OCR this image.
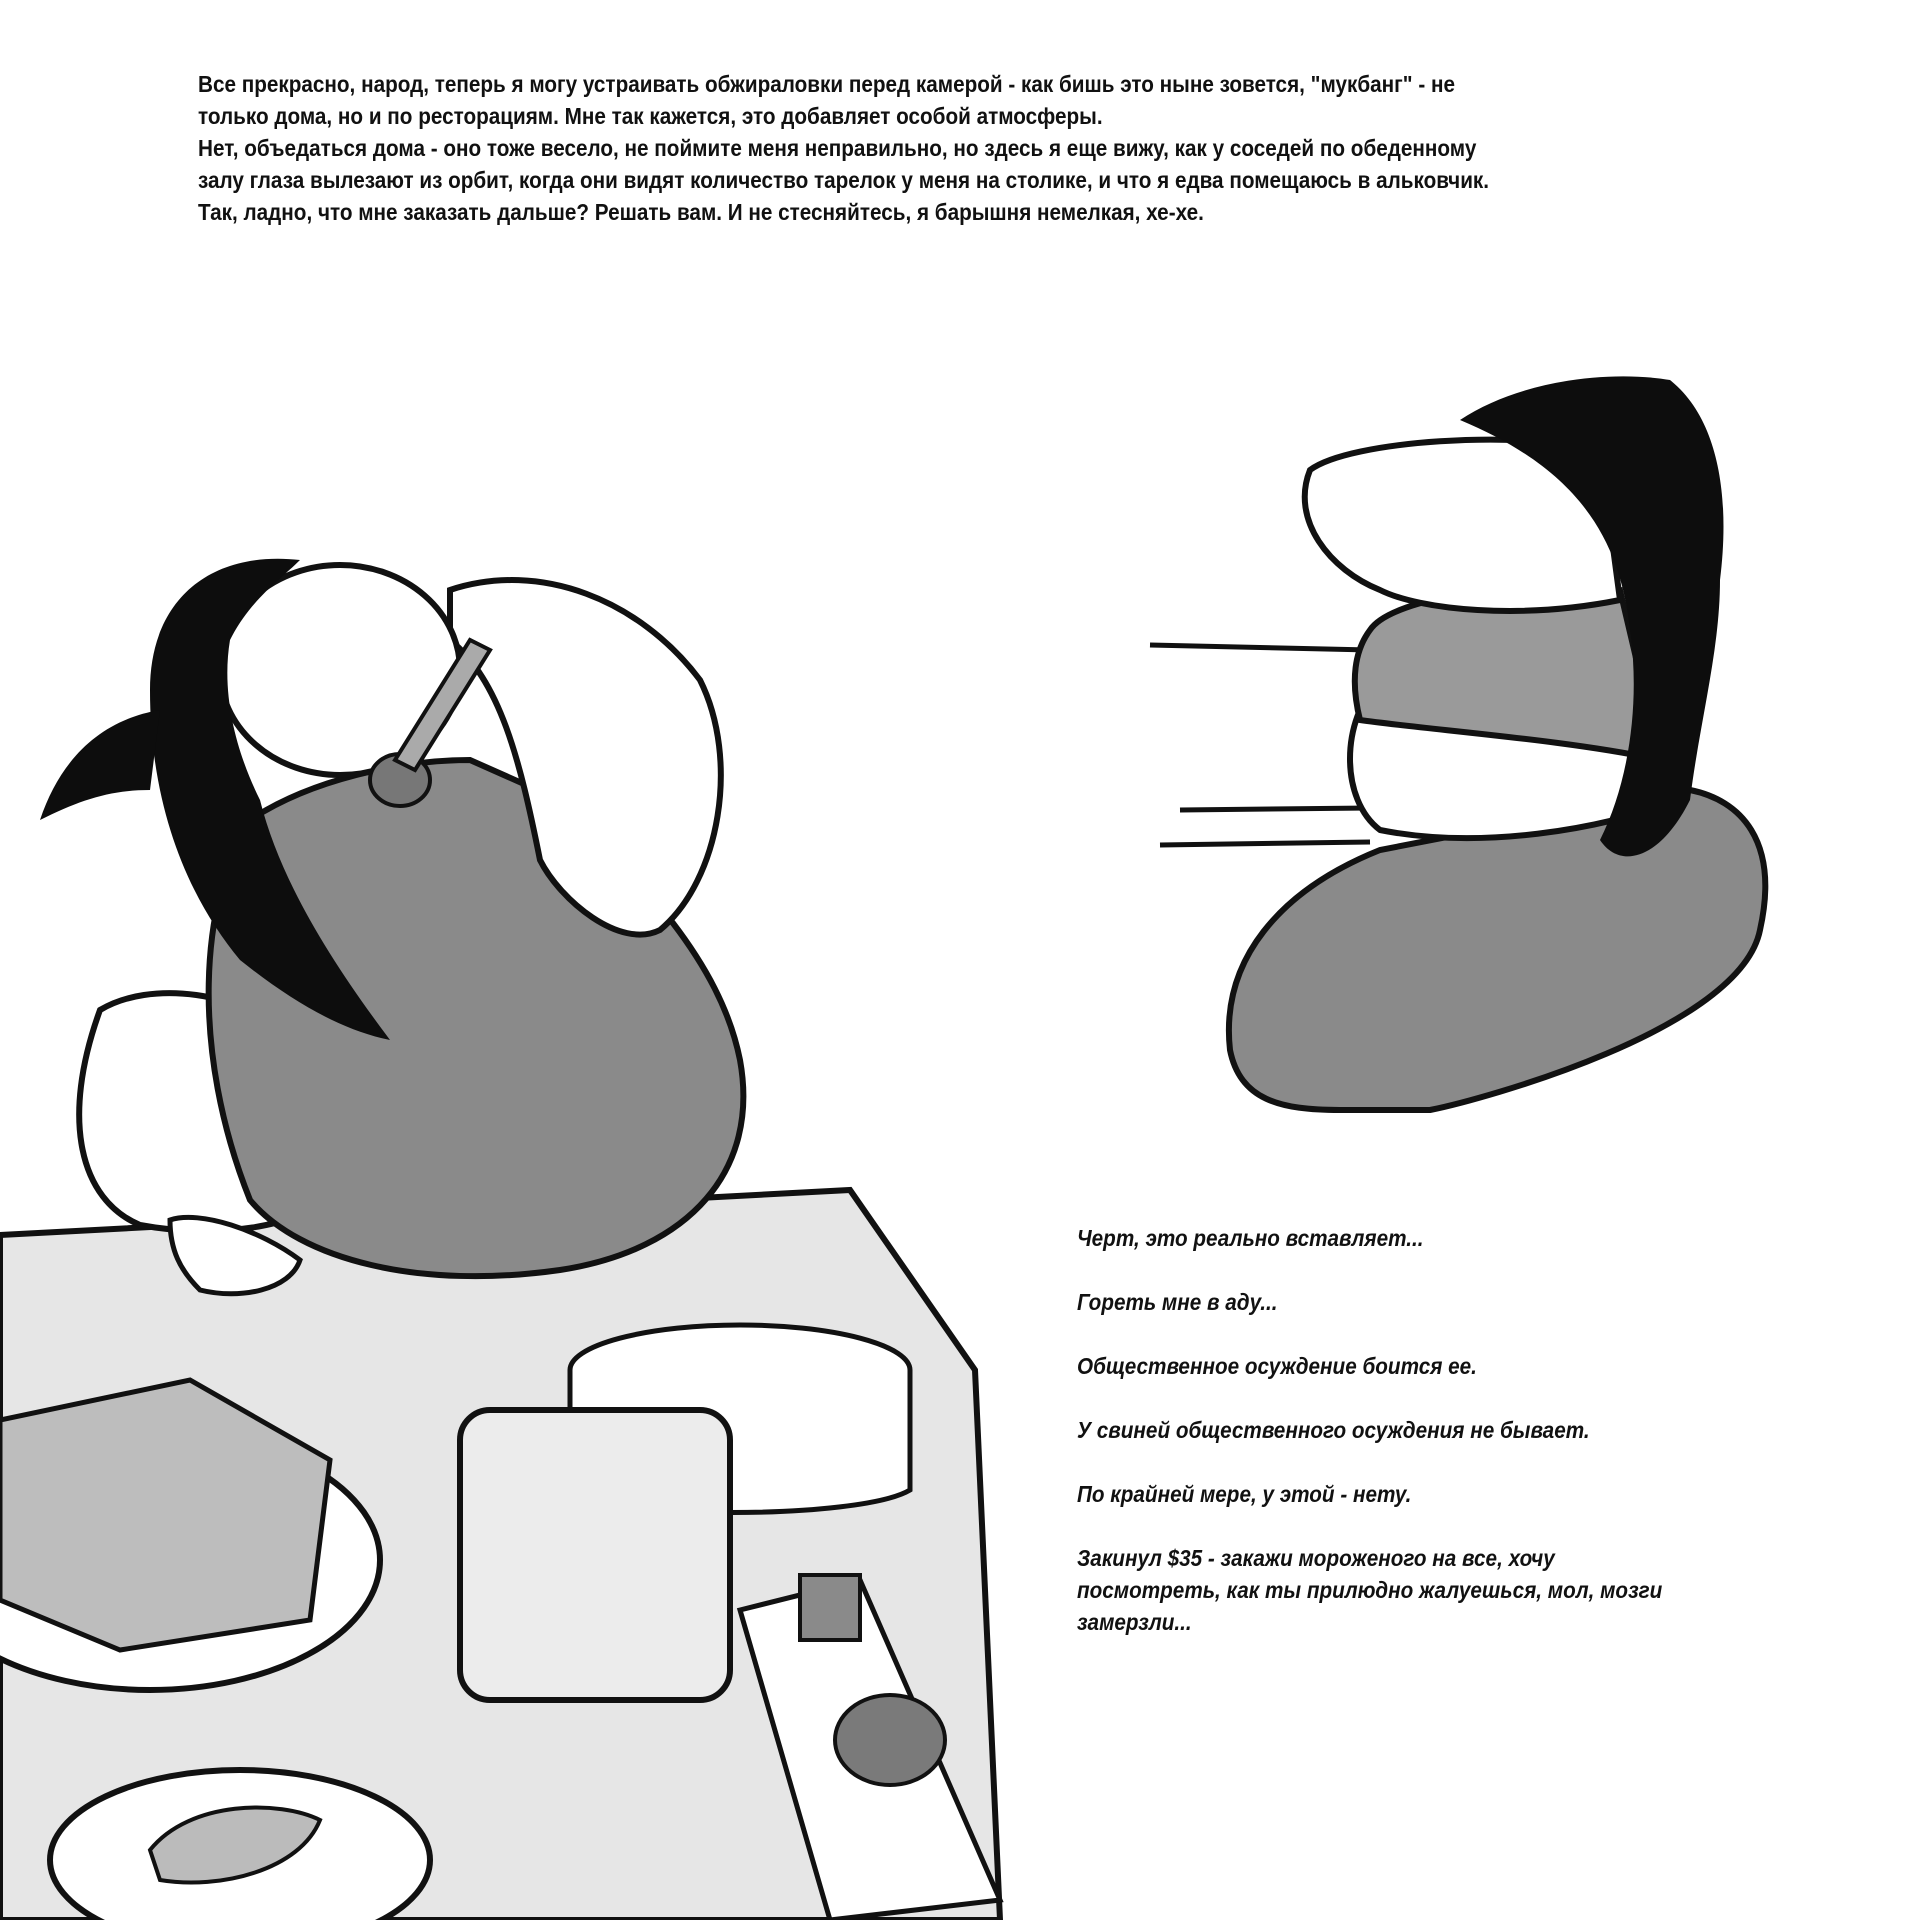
Все прекрасно, народ, теперь я могу устраивать обжираловки перед камерой - как бишь это ныне зовется, "мукбанг" - не

только дома, но и по ресторациям. Мне так кажется, это добавляет особой атмосферы.

Нет, объедаться дома - оно тоже весело, не поймите меня неправильно, но здесь я еще вижу, как у соседей по обеденному

залу глаза вылезают из орбит, когда они видят количество тарелок у меня на столике, и что я едва помещаюсь в альковчик.

Так, ладно, что мне заказать дальше? Решать вам. И не стесняйтесь, я барышня немелкая, хе-хе.

Черт, это реально вставляет...

Гореть мне в аду...

Общественное осуждение боится ее.

У свиней общественного осуждения не бывает.

По крайней мере, у этой - нету.

Закинул $35 - закажи мороженого на все, хочу

посмотреть, как ты прилюдно жалуешься, мол, мозги

замерзли...
